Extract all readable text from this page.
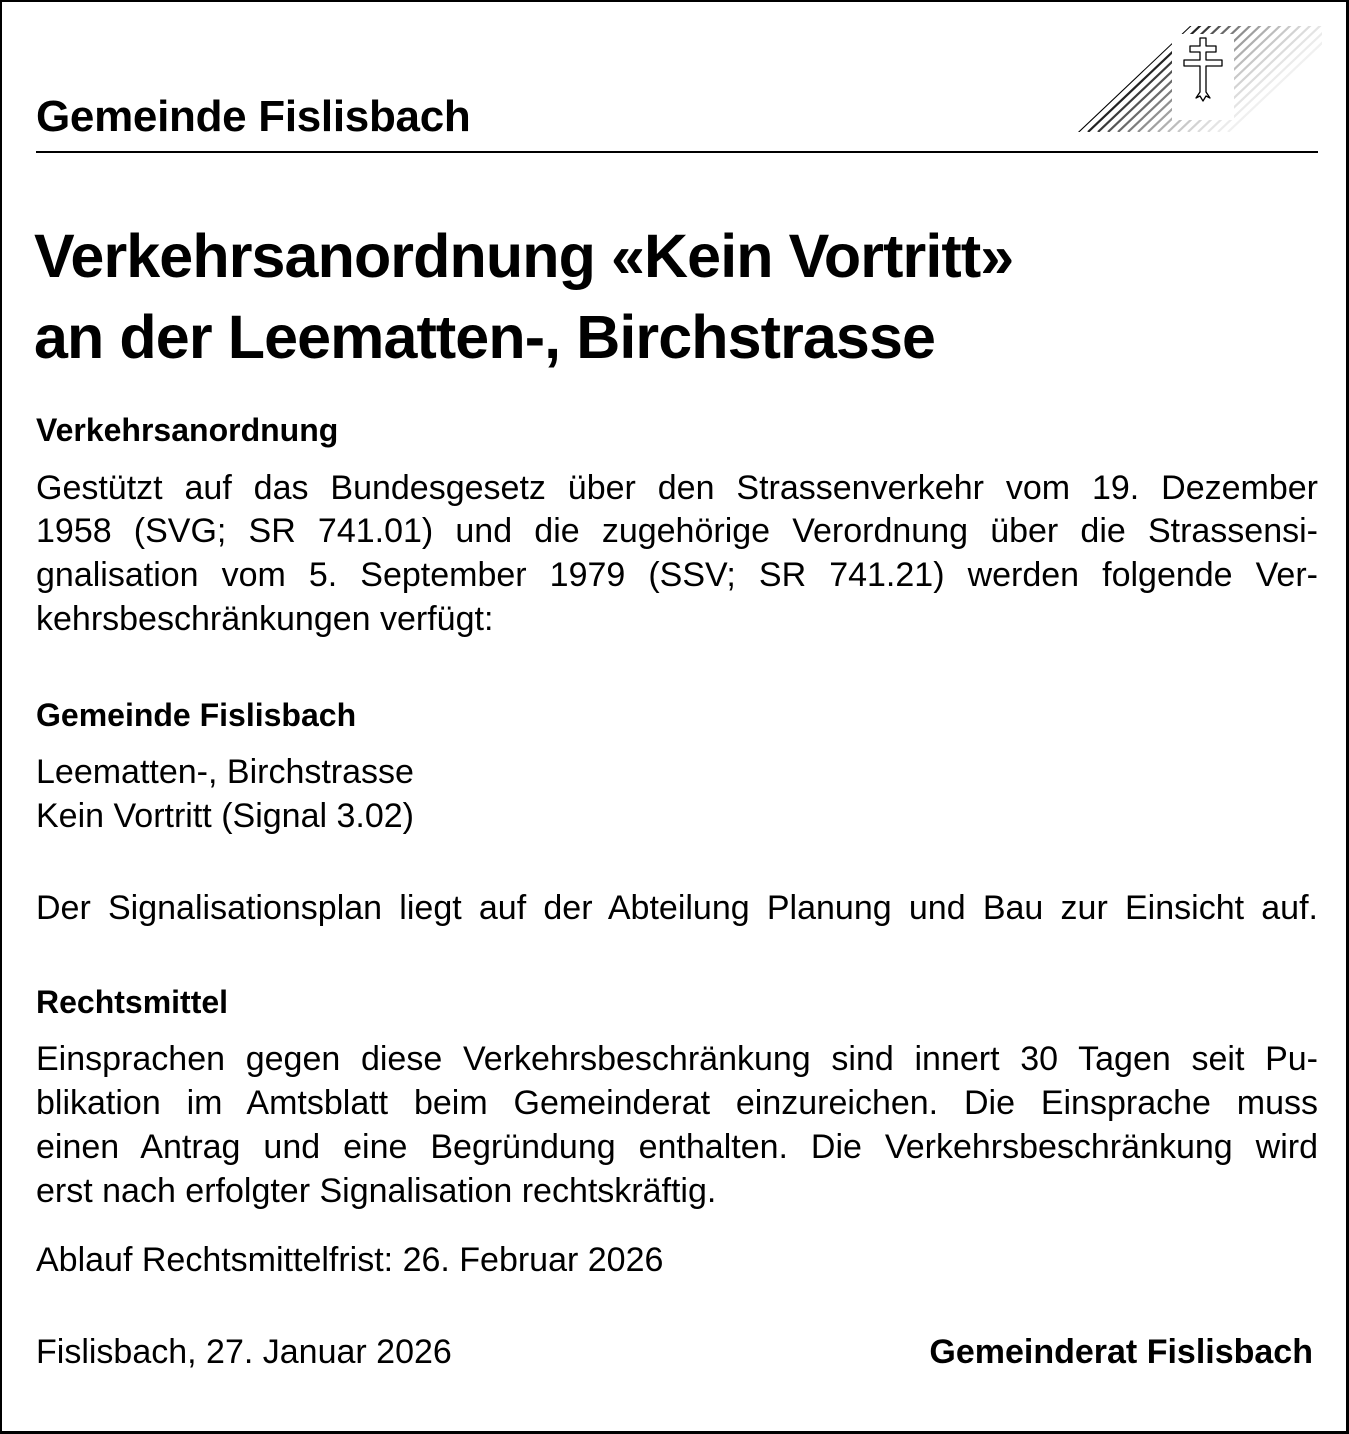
Gemeinde Fislisbach
Verkehrsanordnung «Kein Vortritt»
an der Leematten-, Birchstrasse
Verkehrsanordnung
Gestützt auf das Bundesgesetz über den Strassenverkehr vom 19. Dezember
1958 (SVG; SR 741.01) und die zugehörige Verordnung über die Strassensi-
gnalisation vom 5. September 1979 (SSV; SR 741.21) werden folgende Ver-
kehrsbeschränkungen verfügt:
Gemeinde Fislisbach
Leematten-, Birchstrasse
Kein Vortritt (Signal 3.02)
Der Signalisationsplan liegt auf der Abteilung Planung und Bau zur Einsicht auf.
Rechtsmittel
Einsprachen gegen diese Verkehrsbeschränkung sind innert 30 Tagen seit Pu-
blikation im Amtsblatt beim Gemeinderat einzureichen. Die Einsprache muss
einen Antrag und eine Begründung enthalten. Die Verkehrsbeschränkung wird
erst nach erfolgter Signalisation rechtskräftig.
Ablauf Rechtsmittelfrist: 26. Februar 2026
Fislisbach, 27. Januar 2026	Gemeinderat Fislisbach
